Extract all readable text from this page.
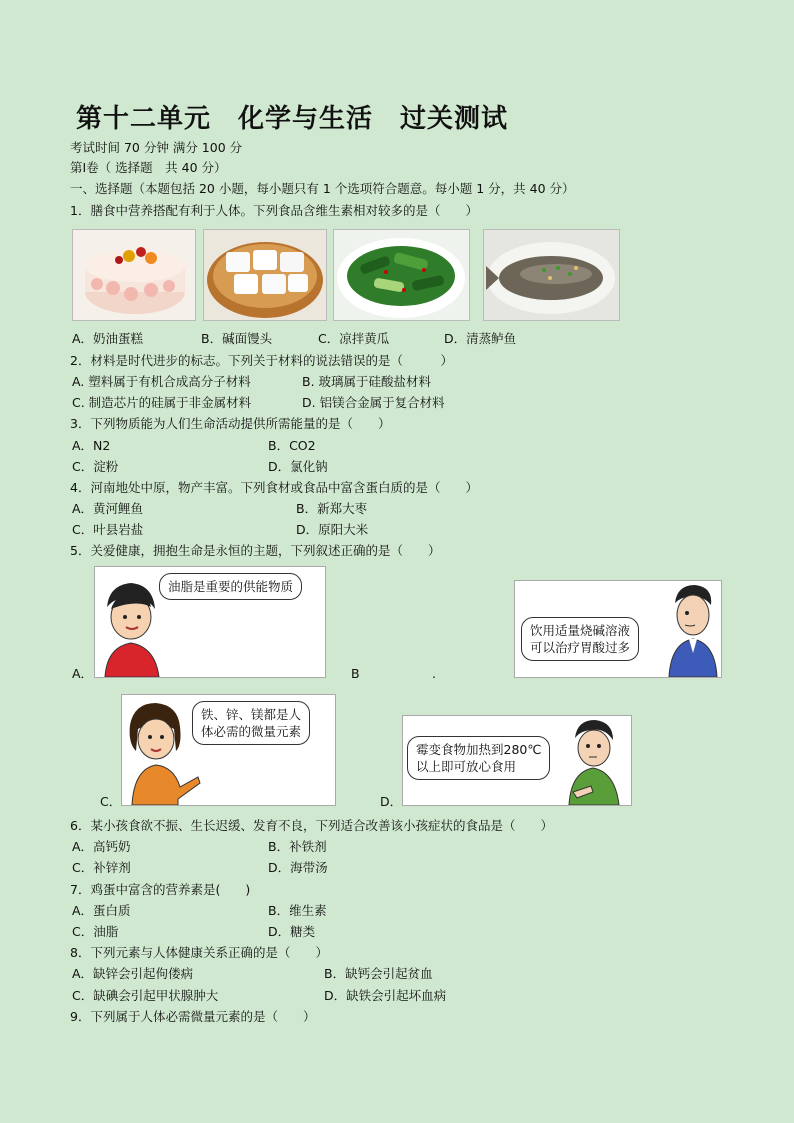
第十二单元　化学与生活　过关测试
考试时间 70 分钟 满分 100 分
第Ⅰ卷（ 选择题　共 40 分）
一、选择题（本题包括 20 小题，每小题只有 1 个选项符合题意。每小题 1 分，共 40 分）
1．膳食中营养搭配有利于人体。下列食品含维生素相对较多的是（　　）
A．奶油蛋糕	B．碱面馒头	C．凉拌黄瓜	D．清蒸鲈鱼
2．材料是时代进步的标志。下列关于材料的说法错误的是（　　　）
A. 塑料属于有机合成高分子材料	B. 玻璃属于硅酸盐材料
C. 制造芯片的硅属于非金属材料	D. 铝镁合金属于复合材料
3．下列物质能为人们生命活动提供所需能量的是（　　）
A．N2	B．CO2
C．淀粉	D．氯化钠
4．河南地处中原，物产丰富。下列食材或食品中富含蛋白质的是（　　）
A．黄河鲤鱼	B．新郑大枣
C．叶县岩盐	D．原阳大米
5．关爱健康，拥抱生命是永恒的主题，下列叙述正确的是（　　）
油脂是重要的供能物质
A．	B	.
饮用适量烧碱溶液
可以治疗胃酸过多
铁、锌、镁都是人
体必需的微量元素
C．
霉变食物加热到280℃
以上即可放心食用
D．
6．某小孩食欲不振、生长迟缓、发育不良，下列适合改善该小孩症状的食品是（　　）
A．高钙奶	B．补铁剂
C．补锌剂	D．海带汤
7．鸡蛋中富含的营养素是(　　)
A．蛋白质	B．维生素
C．油脂	D．糖类
8．下列元素与人体健康关系正确的是（　　）
A．缺锌会引起佝偻病	B．缺钙会引起贫血
C．缺碘会引起甲状腺肿大	D．缺铁会引起坏血病
9．下列属于人体必需微量元素的是（　　）
